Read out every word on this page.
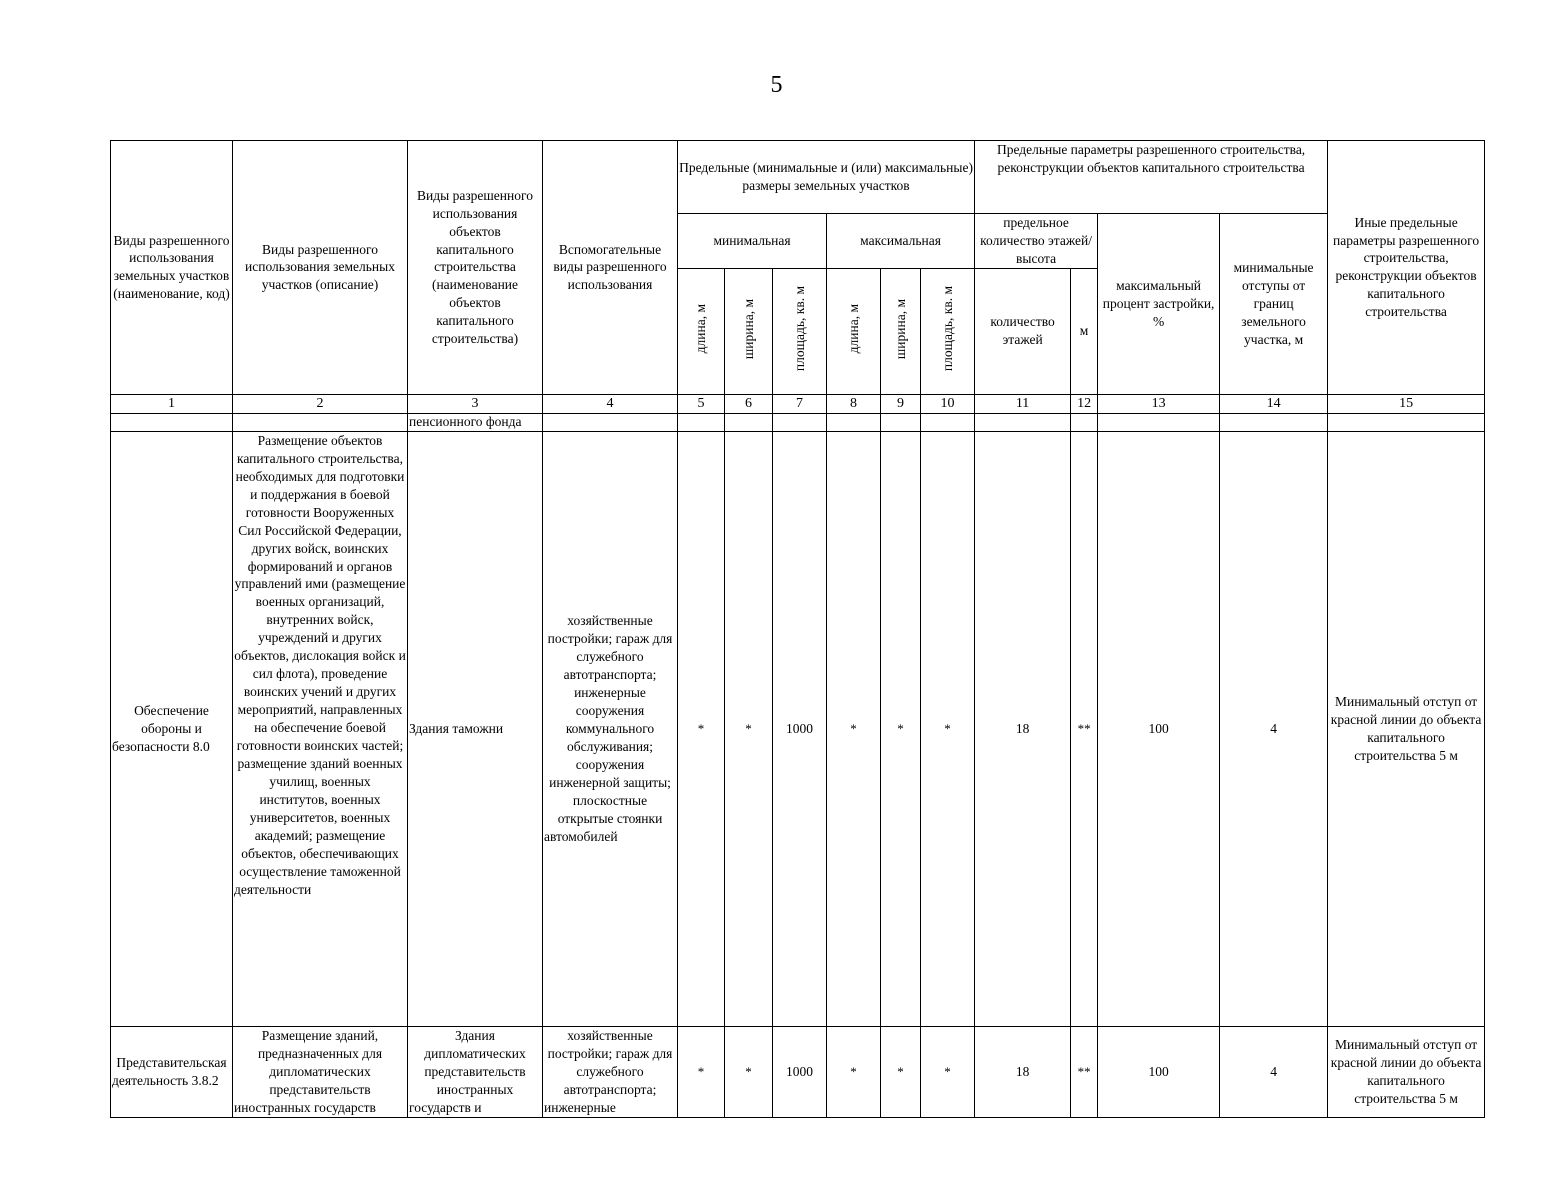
5
Виды разрешенного использования земельных участков (наименование, код)	Виды разрешенного использования земельных участков (описание)	Виды разрешенного использования объектов капитального строительства (наименование объектов капитального строительства)	Вспомогательные виды разрешенного использования	Предельные (минимальные и (или) максимальные) размеры земельных участков						Предельные параметры разрешенного строительства, реконструкции объектов капитального строительства				Иные предельные параметры разрешенного строительства, реконструкции объектов капитального строительства

				минимальная			максимальная			предельное количество этажей/высота		максимальный процент застройки, %	минимальные отступы от границ земельного участка, м	
				длина, м	ширина, м	площадь, кв. м	длина, м	ширина, м	площадь, кв. м	количество этажей	м			
1	2	3	4	5	6	7	8	9	10	11	12	13	14	15
		пенсионного фонда												
Обеспечение обороны и безопасности 8.0	Размещение объектов капитального строительства, необходимых для подготовки и поддержания в боевой готовности Вооруженных Сил Российской Федерации, других войск, воинских формирований и органов управлений ими (размещение военных организаций, внутренних войск, учреждений и других объектов, дислокация войск и сил флота), проведение воинских учений и других мероприятий, направленных на обеспечение боевой готовности воинских частей; размещение зданий военных училищ, военных институтов, военных университетов, военных академий; размещение объектов, обеспечивающих осуществление таможенной деятельности	Здания таможни	хозяйственные постройки; гараж для служебного автотранспорта; инженерные сооружения коммунального обслуживания; сооружения инженерной защиты; плоскостные открытые стоянки автомобилей	*	*	1000	*	*	*	18	**	100	4	Минимальный отступ от красной линии до объекта капитального строительства 5 м
Представительская деятельность 3.8.2	Размещение зданий, предназначенных для дипломатических представительств иностранных государств	Здания дипломатических представительств иностранных государств и	хозяйственные постройки; гараж для служебного автотранспорта; инженерные	*	*	1000	*	*	*	18	**	100	4	Минимальный отступ от красной линии до объекта капитального строительства 5 м
